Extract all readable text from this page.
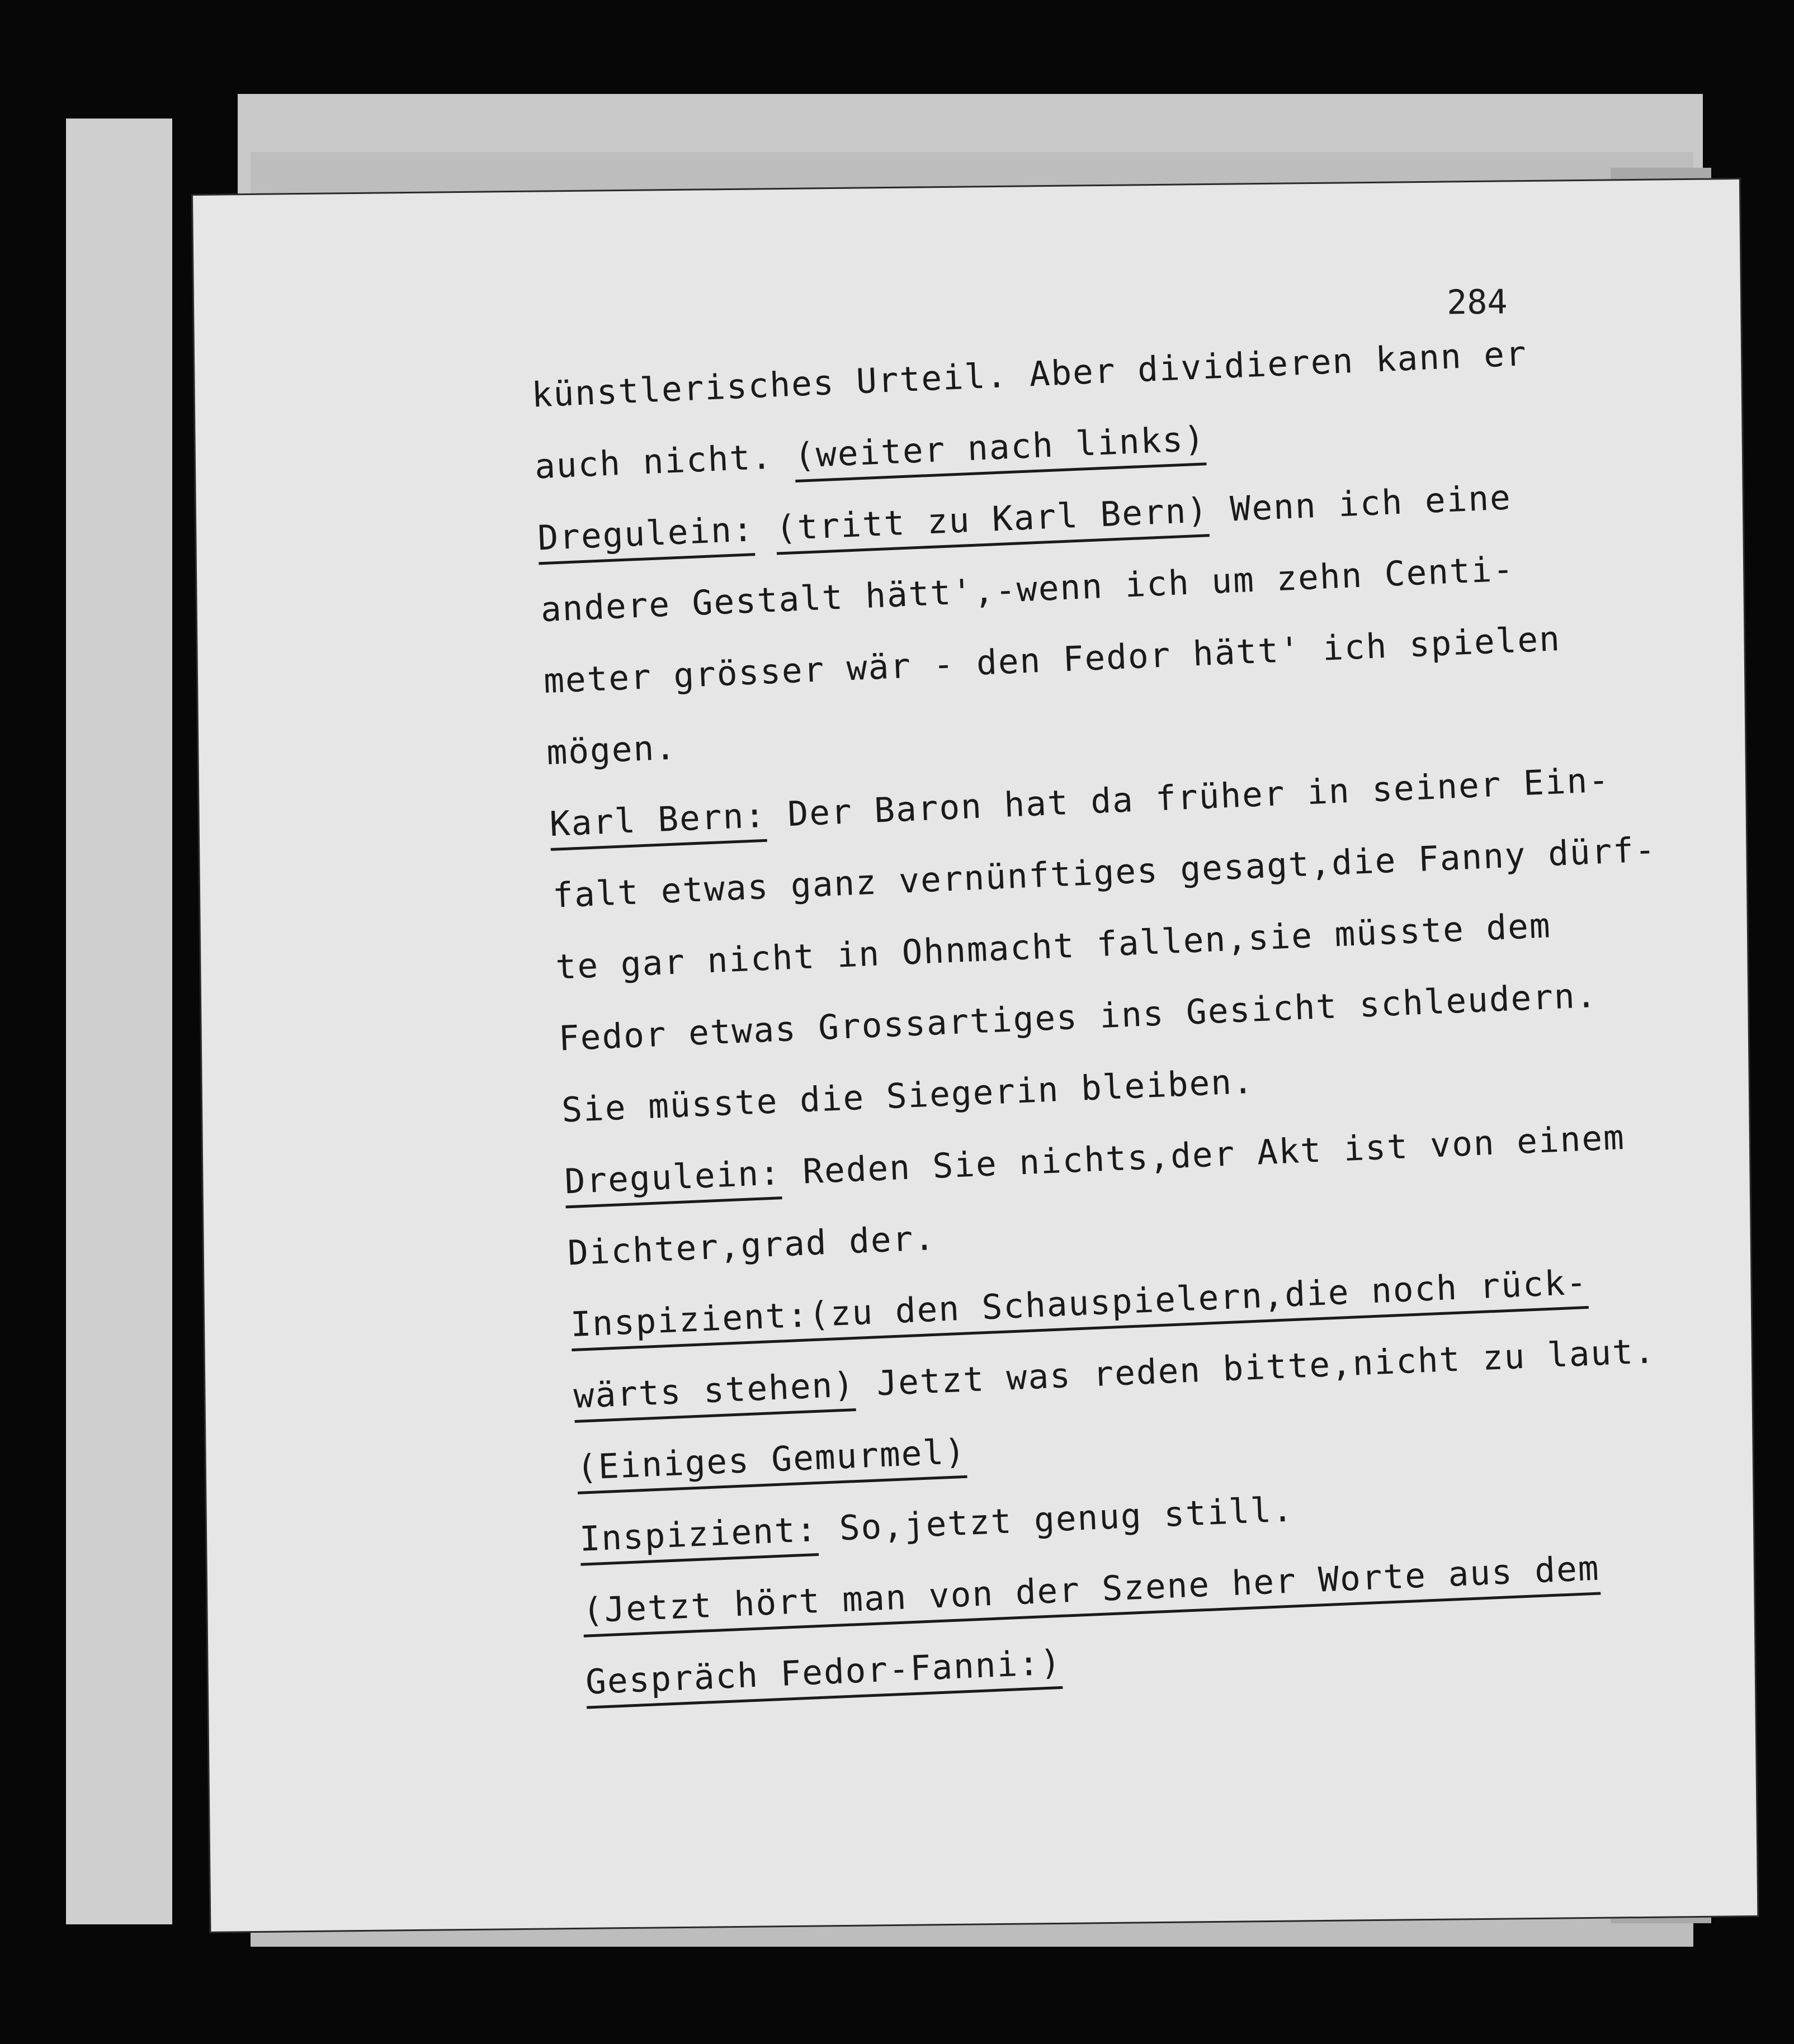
284

künstlerisches Urteil. Aber dividieren kann er
auch nicht. (weiter nach links)
Dregulein: (tritt zu Karl Bern) Wenn ich eine
andere Gestalt hätt',-wenn ich um zehn Centi-
meter grösser wär - den Fedor hätt' ich spielen
mögen.
Karl Bern: Der Baron hat da früher in seiner Ein-
falt etwas ganz vernünftiges gesagt,die Fanny dürf-
te gar nicht in Ohnmacht fallen,sie müsste dem
Fedor etwas Grossartiges ins Gesicht schleudern.
Sie müsste die Siegerin bleiben.
Dregulein: Reden Sie nichts,der Akt ist von einem
Dichter,grad der.
Inspizient:(zu den Schauspielern,die noch rück-
wärts stehen) Jetzt was reden bitte,nicht zu laut.
(Einiges Gemurmel)
Inspizient: So,jetzt genug still.
(Jetzt hört man von der Szene her Worte aus dem
Gespräch Fedor-Fanni:)
